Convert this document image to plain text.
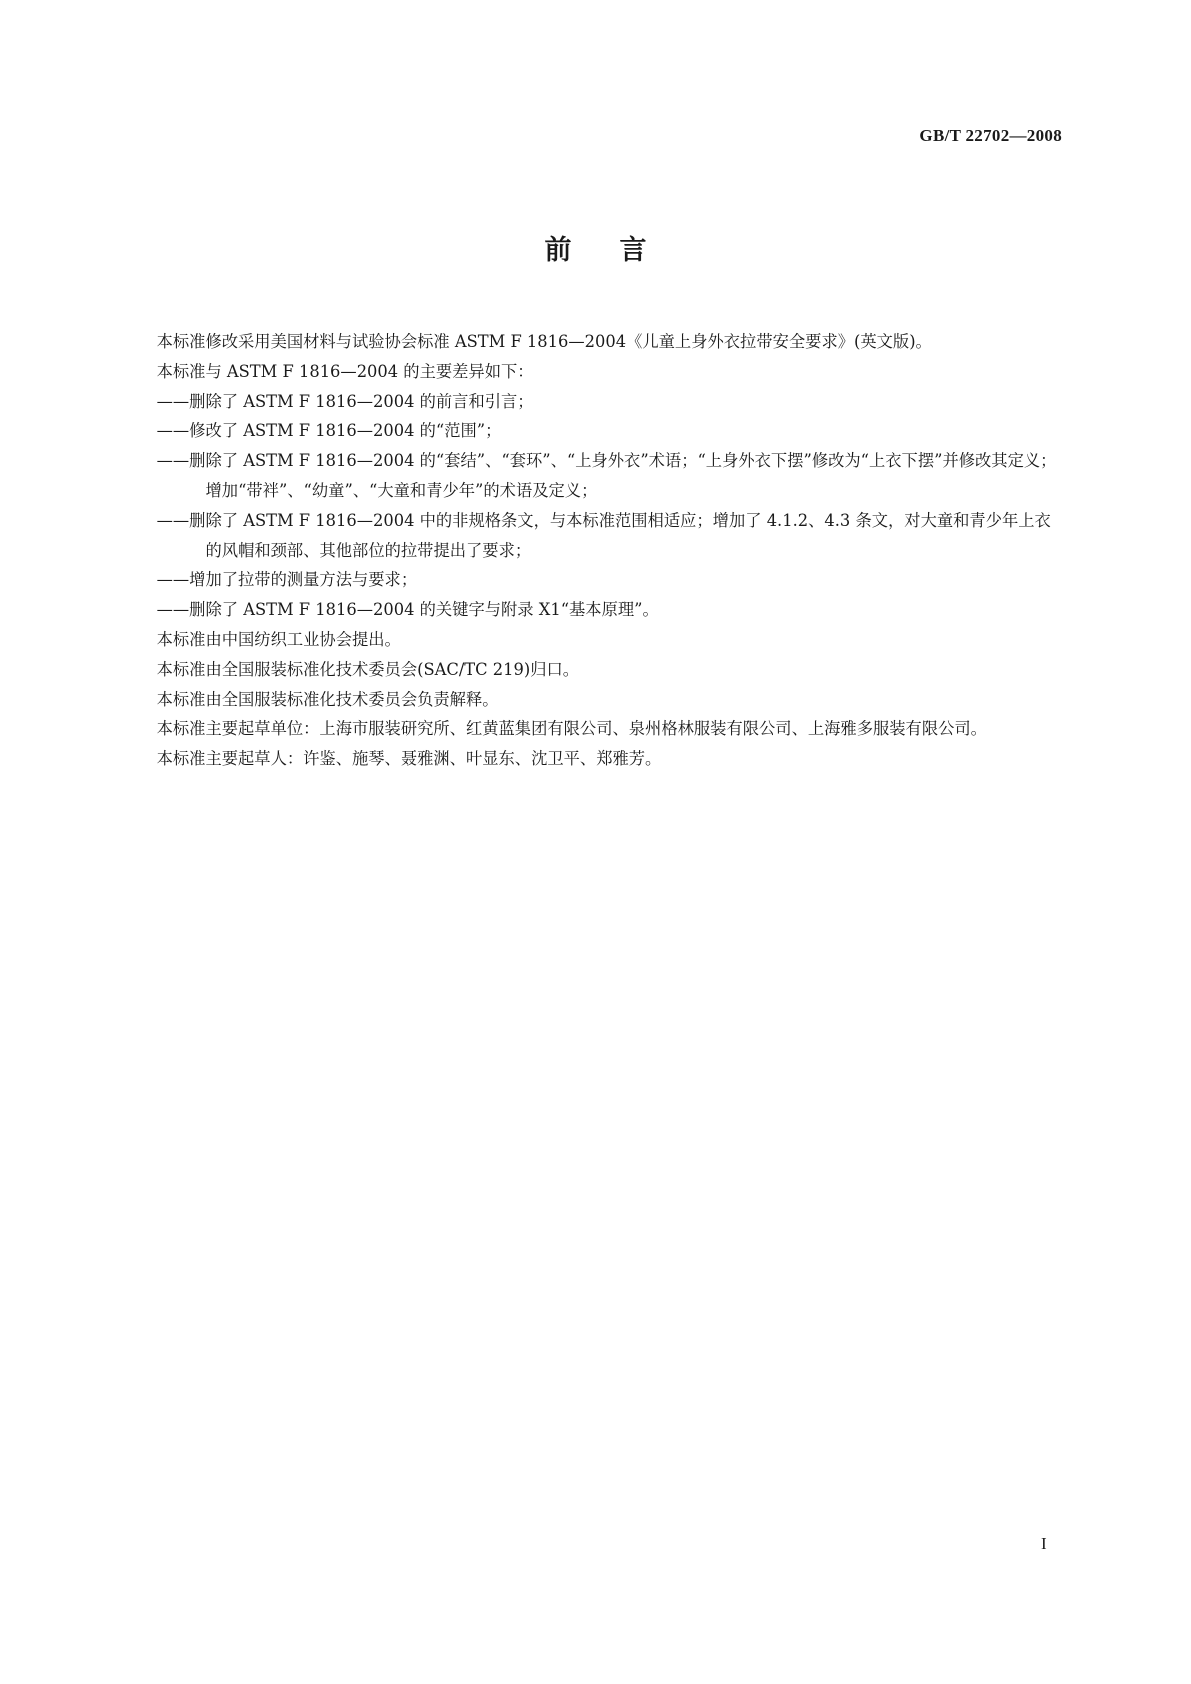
GB/T 22702—2008
前言

本标准修改采用美国材料与试验协会标准 ASTM F 1816—2004《儿童上身外衣拉带安全要求》(英文版)。

本标准与 ASTM F 1816—2004 的主要差异如下：

——删除了 ASTM F 1816—2004 的前言和引言；

——修改了 ASTM F 1816—2004 的“范围”；

——删除了 ASTM F 1816—2004 的“套结”、“套环”、“上身外衣”术语；“上身外衣下摆”修改为“上衣下摆”并修改其定义；增加“带袢”、“幼童”、“大童和青少年”的术语及定义；

——删除了 ASTM F 1816—2004 中的非规格条文，与本标准范围相适应；增加了 4.1.2、4.3 条文，对大童和青少年上衣的风帽和颈部、其他部位的拉带提出了要求；

——增加了拉带的测量方法与要求；

——删除了 ASTM F 1816—2004 的关键字与附录 X1“基本原理”。

本标准由中国纺织工业协会提出。

本标准由全国服装标准化技术委员会(SAC/TC 219)归口。

本标准由全国服装标准化技术委员会负责解释。

本标准主要起草单位：上海市服装研究所、红黄蓝集团有限公司、泉州格林服装有限公司、上海雅多服装有限公司。

本标准主要起草人：许鉴、施琴、聂雅渊、叶显东、沈卫平、郑雅芳。

I
